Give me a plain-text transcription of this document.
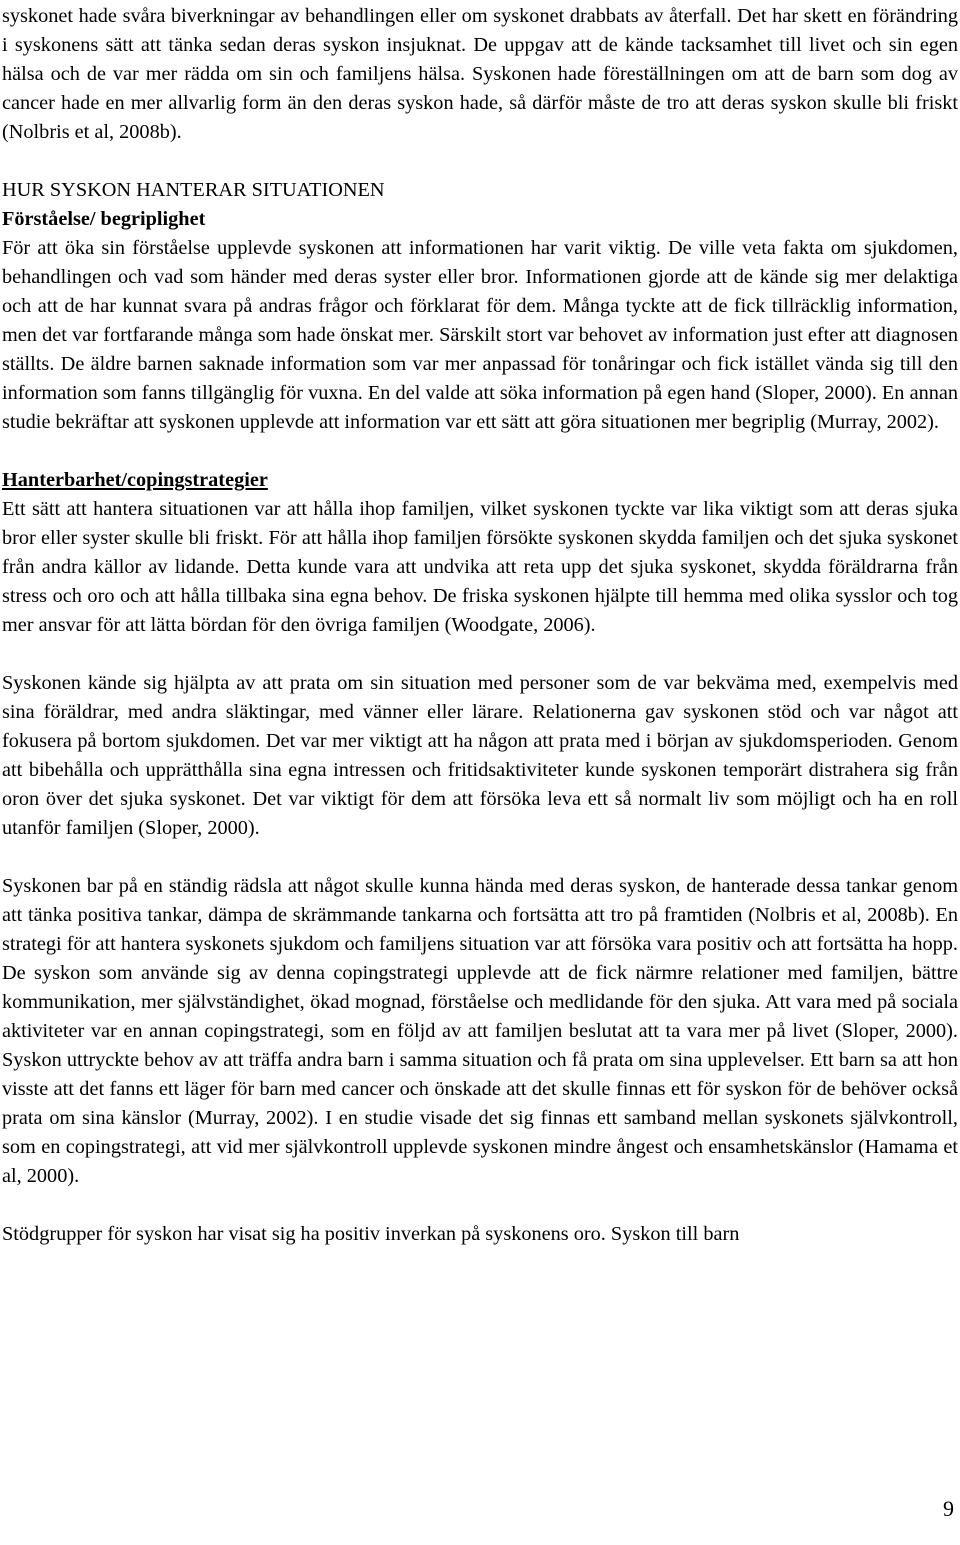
syskonet hade svåra biverkningar av behandlingen eller om syskonet drabbats av återfall. Det har skett en förändring i syskonens sätt att tänka sedan deras syskon insjuknat. De uppgav att de kände tacksamhet till livet och sin egen hälsa och de var mer rädda om sin och familjens hälsa. Syskonen hade föreställningen om att de barn som dog av cancer hade en mer allvarlig form än den deras syskon hade, så därför måste de tro att deras syskon skulle bli friskt (Nolbris et al, 2008b).

HUR SYSKON HANTERAR SITUATIONEN

Förståelse/ begriplighet

För att öka sin förståelse upplevde syskonen att informationen har varit viktig. De ville veta fakta om sjukdomen, behandlingen och vad som händer med deras syster eller bror. Informationen gjorde att de kände sig mer delaktiga och att de har kunnat svara på andras frågor och förklarat för dem. Många tyckte att de fick tillräcklig information, men det var fortfarande många som hade önskat mer. Särskilt stort var behovet av information just efter att diagnosen ställts. De äldre barnen saknade information som var mer anpassad för tonåringar och fick istället vända sig till den information som fanns tillgänglig för vuxna. En del valde att söka information på egen hand (Sloper, 2000). En annan studie bekräftar att syskonen upplevde att information var ett sätt att göra situationen mer begriplig (Murray, 2002).

Hanterbarhet/copingstrategier

Ett sätt att hantera situationen var att hålla ihop familjen, vilket syskonen tyckte var lika viktigt som att deras sjuka bror eller syster skulle bli friskt. För att hålla ihop familjen försökte syskonen skydda familjen och det sjuka syskonet från andra källor av lidande. Detta kunde vara att undvika att reta upp det sjuka syskonet, skydda föräldrarna från stress och oro och att hålla tillbaka sina egna behov. De friska syskonen hjälpte till hemma med olika sysslor och tog mer ansvar för att lätta bördan för den övriga familjen (Woodgate, 2006).

Syskonen kände sig hjälpta av att prata om sin situation med personer som de var bekväma med, exempelvis med sina föräldrar, med andra släktingar, med vänner eller lärare. Relationerna gav syskonen stöd och var något att fokusera på bortom sjukdomen. Det var mer viktigt att ha någon att prata med i början av sjukdomsperioden. Genom att bibehålla och upprätthålla sina egna intressen och fritidsaktiviteter kunde syskonen temporärt distrahera sig från oron över det sjuka syskonet. Det var viktigt för dem att försöka leva ett så normalt liv som möjligt och ha en roll utanför familjen (Sloper, 2000).

Syskonen bar på en ständig rädsla att något skulle kunna hända med deras syskon, de hanterade dessa tankar genom att tänka positiva tankar, dämpa de skrämmande tankarna och fortsätta att tro på framtiden (Nolbris et al, 2008b). En strategi för att hantera syskonets sjukdom och familjens situation var att försöka vara positiv och att fortsätta ha hopp. De syskon som använde sig av denna copingstrategi upplevde att de fick närmre relationer med familjen, bättre kommunikation, mer självständighet, ökad mognad, förståelse och medlidande för den sjuka. Att vara med på sociala aktiviteter var en annan copingstrategi, som en följd av att familjen beslutat att ta vara mer på livet (Sloper, 2000). Syskon uttryckte behov av att träffa andra barn i samma situation och få prata om sina upplevelser. Ett barn sa att hon visste att det fanns ett läger för barn med cancer och önskade att det skulle finnas ett för syskon för de behöver också prata om sina känslor (Murray, 2002). I en studie visade det sig finnas ett samband mellan syskonets självkontroll, som en copingstrategi, att vid mer självkontroll upplevde syskonen mindre ångest och ensamhetskänslor (Hamama et al, 2000).

Stödgrupper för syskon har visat sig ha positiv inverkan på syskonens oro. Syskon till barn

9
